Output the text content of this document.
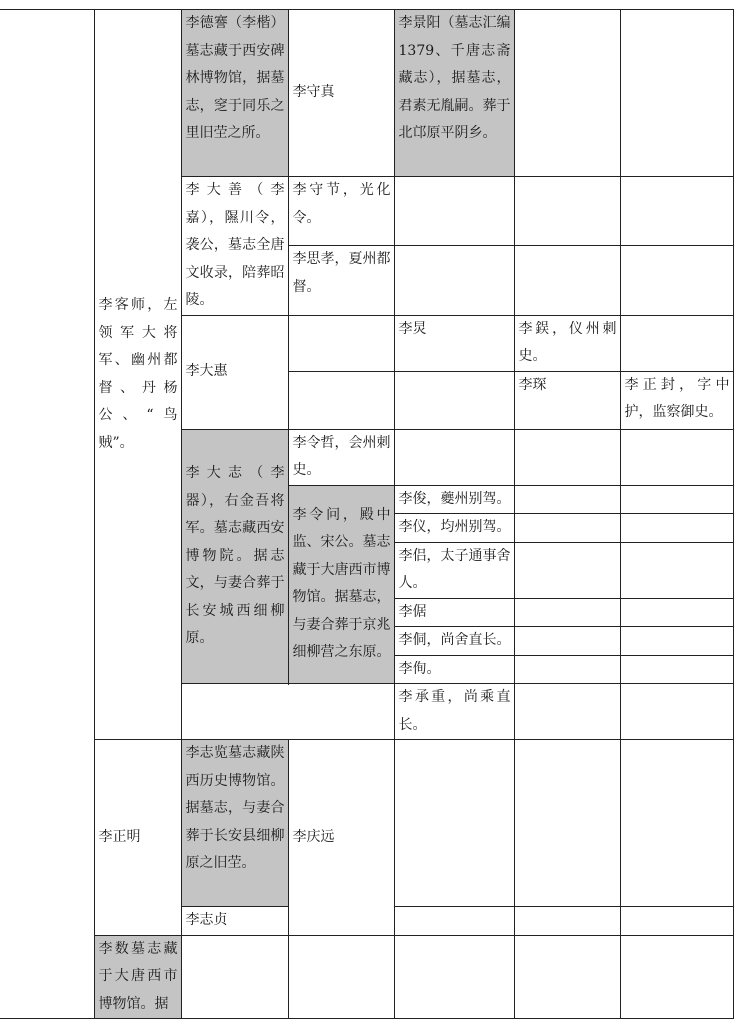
	李客师，左领军大将军、幽州都督、丹杨公、“鸟贼”。	李德謇（李楷）墓志藏于西安碑林博物馆，据墓志，窆于同乐之里旧茔之所。	李守真	李景阳（墓志汇编1379、千唐志斋藏志），据墓志，君素无胤嗣。葬于北邙原平阴乡。		
		李大善（李嘉），隰川令，袭公，墓志全唐文收录，陪葬昭陵。	李守节，光化令。			
			李思孝，夏州都督。			
		李大惠		李炅	李鋘，仪州刺史。	
					李琛	李正封，字中护，监察御史。
		李大志（李器），右金吾将军。墓志藏西安博物院。据志文，与妻合葬于长安城西细柳原。	李令哲，会州刺史。			
			李令问，殿中监、宋公。墓志藏于大唐西市博物馆。据墓志，与妻合葬于京兆细柳营之东原。	李俊，夔州别驾。		
				李仪，均州别驾。		
				李侣，太子通事舍人。		
				李倨		
				李侗，尚舍直长。		
				李侚。		
				李承重，尚乘直长。		

	李正明	李志览墓志藏陕西历史博物馆。据墓志，与妻合葬于长安县细柳原之旧茔。	李庆远			
		李志贞				
	李数墓志藏于大唐西市博物馆。据					
